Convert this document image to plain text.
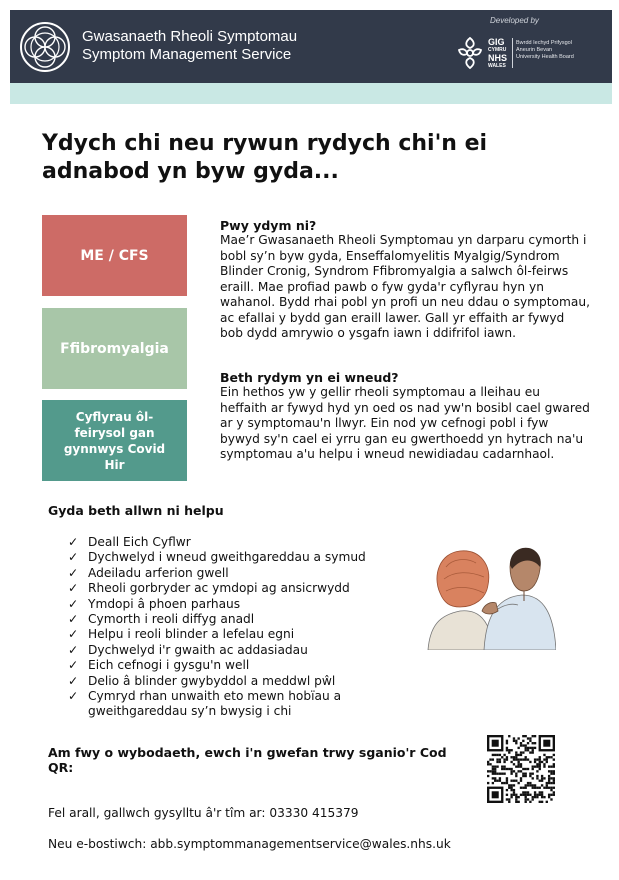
Gwasanaeth Rheoli Symptomau
Symptom Management Service
Developed by
GIG
CYMRU
NHS
WALES
Bwrdd Iechyd Prifysgol
Aneurin Bevan
University Health Board
Ydych chi neu rywun rydych chi'n ei adnabod yn byw gyda...
ME / CFS
Ffibromyalgia
Cyflyrau ôl-feirysol gan gynnwys Covid Hir
Pwy ydym ni?

Mae’r Gwasanaeth Rheoli Symptomau yn darparu cymorth i bobl sy’n byw gyda, Enseffalomyelitis Myalgig/Syndrom Blinder Cronig, Syndrom Ffibromyalgia a salwch ôl-feirws eraill. Mae profiad pawb o fyw gyda'r cyflyrau hyn yn wahanol. Bydd rhai pobl yn profi un neu ddau o symptomau, ac efallai y bydd gan eraill lawer. Gall yr effaith ar fywyd bob dydd amrywio o ysgafn iawn i ddifrifol iawn.

Beth rydym yn ei wneud?

Ein hethos yw y gellir rheoli symptomau a lleihau eu heffaith ar fywyd hyd yn oed os nad yw'n bosibl cael gwared ar y symptomau'n llwyr. Ein nod yw cefnogi pobl i fyw bywyd sy'n cael ei yrru gan eu gwerthoedd yn hytrach na'u symptomau a'u helpu i wneud newidiadau cadarnhaol.

Gyda beth allwn ni helpu
✓ Deall Eich Cyflwr
✓ Dychwelyd i wneud gweithgareddau a symud
✓ Adeiladu arferion gwell
✓ Rheoli gorbryder ac ymdopi ag ansicrwydd
✓ Ymdopi â phoen parhaus
✓ Cymorth i reoli diffyg anadl
✓ Helpu i reoli blinder a lefelau egni
✓ Dychwelyd i'r gwaith ac addasiadau
✓ Eich cefnogi i gysgu'n well
✓ Delio â blinder gwybyddol a meddwl pŵl
✓ Cymryd rhan unwaith eto mewn hobïau a gweithgareddau sy’n bwysig i chi
Am fwy o wybodaeth, ewch i'n gwefan trwy sganio'r Cod QR:
Fel arall, gallwch gysylltu â'r tîm ar: 03330 415379
Neu e-bostiwch: abb.symptommanagementservice@wales.nhs.uk
